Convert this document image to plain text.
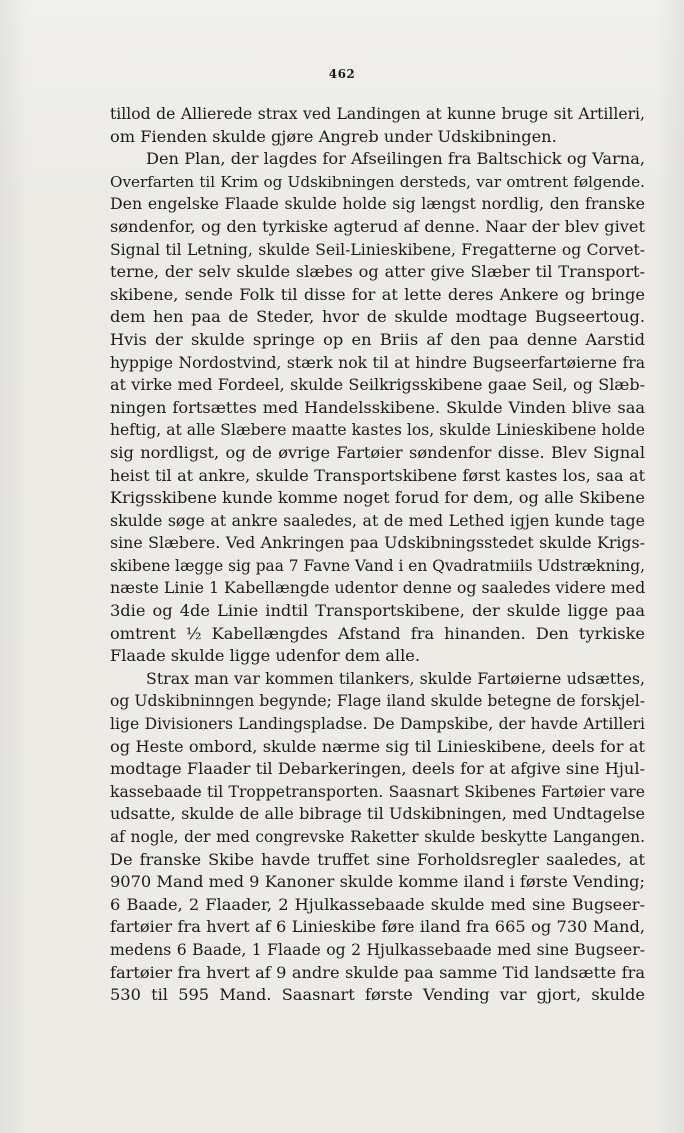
462
tillod de Allierede strax ved Landingen at kunne bruge sit Artilleri,
om Fienden skulde gjøre Angreb under Udskibningen.
Den Plan, der lagdes for Afseilingen fra Baltschick og Varna,
Overfarten til Krim og Udskibningen dersteds, var omtrent følgende.
Den engelske Flaade skulde holde sig længst nordlig, den franske
søndenfor, og den tyrkiske agterud af denne. Naar der blev givet
Signal til Letning, skulde Seil-Linieskibene, Fregatterne og Corvet-
terne, der selv skulde slæbes og atter give Slæber til Transport-
skibene, sende Folk til disse for at lette deres Ankere og bringe
dem hen paa de Steder, hvor de skulde modtage Bugseertoug.
Hvis der skulde springe op en Briis af den paa denne Aarstid
hyppige Nordostvind, stærk nok til at hindre Bugseerfartøierne fra
at virke med Fordeel, skulde Seilkrigsskibene gaae Seil, og Slæb-
ningen fortsættes med Handelsskibene. Skulde Vinden blive saa
heftig, at alle Slæbere maatte kastes los, skulde Linieskibene holde
sig nordligst, og de øvrige Fartøier søndenfor disse. Blev Signal
heist til at ankre, skulde Transportskibene først kastes los, saa at
Krigsskibene kunde komme noget forud for dem, og alle Skibene
skulde søge at ankre saaledes, at de med Lethed igjen kunde tage
sine Slæbere. Ved Ankringen paa Udskibningsstedet skulde Krigs-
skibene lægge sig paa 7 Favne Vand i en Qvadratmiils Udstrækning,
næste Linie 1 Kabellængde udentor denne og saaledes videre med
3die og 4de Linie indtil Transportskibene, der skulde ligge paa
omtrent ½ Kabellængdes Afstand fra hinanden. Den tyrkiske
Flaade skulde ligge udenfor dem alle.
Strax man var kommen tilankers, skulde Fartøierne udsættes,
og Udskibninngen begynde; Flage iland skulde betegne de forskjel-
lige Divisioners Landingspladse. De Dampskibe, der havde Artilleri
og Heste ombord, skulde nærme sig til Linieskibene, deels for at
modtage Flaader til Debarkeringen, deels for at afgive sine Hjul-
kassebaade til Troppetransporten. Saasnart Skibenes Fartøier vare
udsatte, skulde de alle bibrage til Udskibningen, med Undtagelse
af nogle, der med congrevske Raketter skulde beskytte Langangen.
De franske Skibe havde truffet sine Forholdsregler saaledes, at
9070 Mand med 9 Kanoner skulde komme iland i første Vending;
6 Baade, 2 Flaader, 2 Hjulkassebaade skulde med sine Bugseer-
fartøier fra hvert af 6 Linieskibe føre iland fra 665 og 730 Mand,
medens 6 Baade, 1 Flaade og 2 Hjulkassebaade med sine Bugseer-
fartøier fra hvert af 9 andre skulde paa samme Tid landsætte fra
530 til 595 Mand. Saasnart første Vending var gjort, skulde
